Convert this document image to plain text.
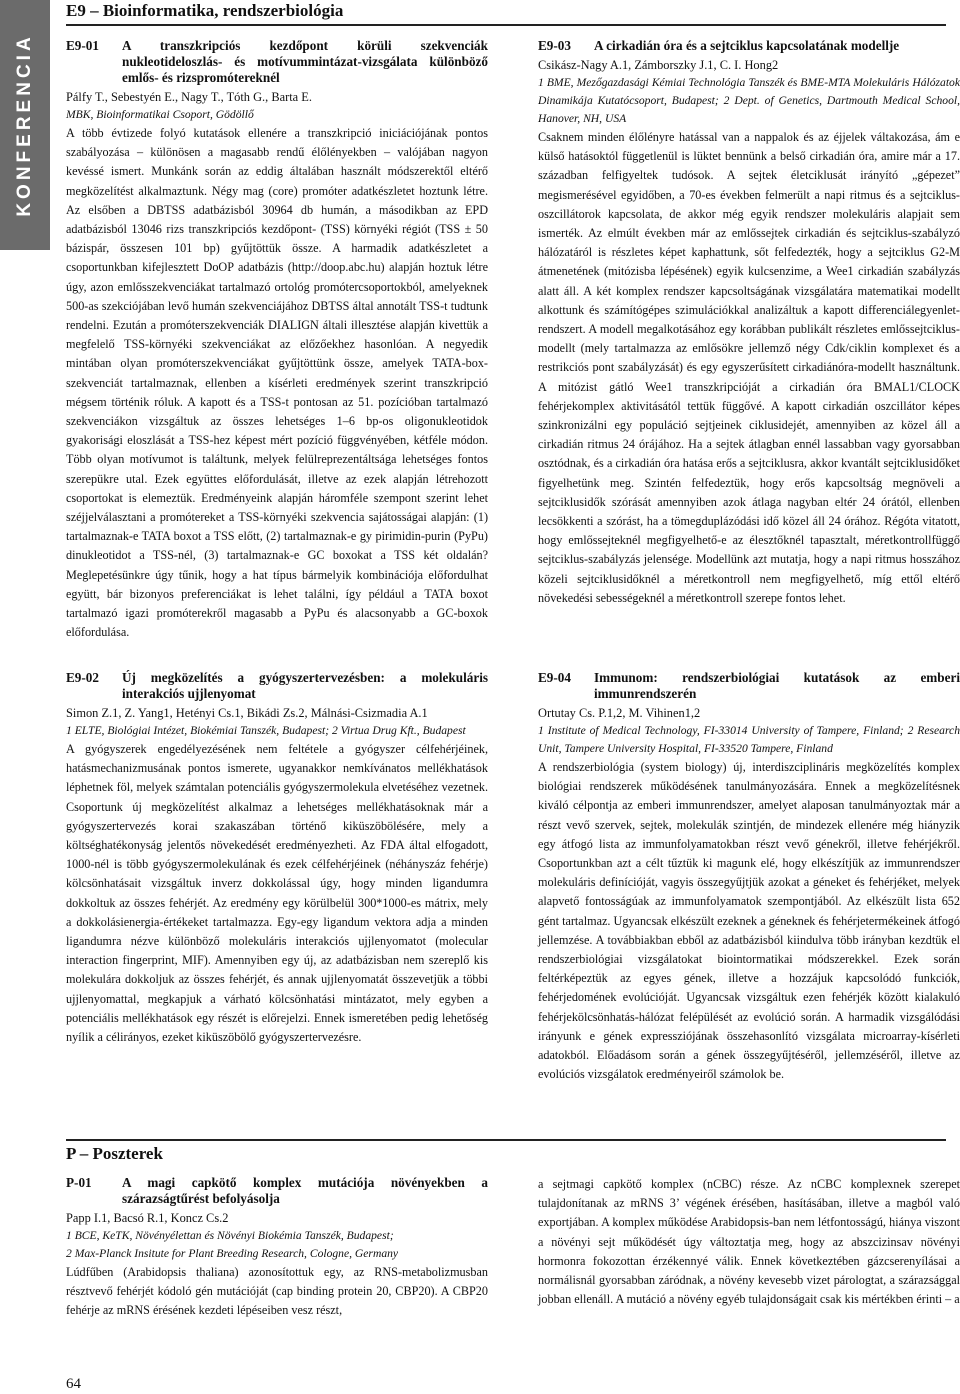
KONFERENCIA
E9 – Bioinformatika, rendszerbiológia
E9-01	A transzkripciós kezdőpont körüli szekvenciák nukleotideloszlás- és motívummintázat-vizsgálata különböző emlős- és rizspromótereknél
Pálfy T., Sebestyén E., Nagy T., Tóth G., Barta E.
MBK, Bioinformatikai Csoport, Gödöllő

A több évtizede folyó kutatások ellenére a transzkripció iniciációjának pontos szabályozása – különösen a magasabb rendű élőlényekben – valójában nagyon kevéssé ismert. Munkánk során az eddig általában használt módszerektől eltérő megközelítést alkalmaztunk. Négy mag (core) promóter adatkészletet hoztunk létre. Az elsőben a DBTSS adatbázisból 30964 db humán, a másodikban az EPD adatbázisból 13046 rizs transzkripciós kezdőpont- (TSS) környéki régiót (TSS ± 50 bázispár, összesen 101 bp) gyűjtöttük össze. A harmadik adatkészletet a csoportunkban kifejlesztett DoOP adatbázis (http://doop.abc.hu) alapján hoztuk létre úgy, azon emlősszekvenciákat tartalmazó ortológ promótercsoportokból, amelyeknek 500-as szekciójában levő humán szekvenciájához DBTSS által annotált TSS-t tudtunk rendelni. Ezután a promóterszekvenciák DIALIGN általi illesztése alapján kivettük a megfelelő TSS-környéki szekvenciákat az előzőekhez hasonlóan. A negyedik mintában olyan promóterszekvenciákat gyűjtöttünk össze, amelyek TATA-box-szekvenciát tartalmaznak, ellenben a kísérleti eredmények szerint transzkripció mégsem történik róluk. A kapott és a TSS-t pontosan az 51. pozícióban tartalmazó szekvenciákon vizsgáltuk az összes lehetséges 1–6 bp-os oligonukleotidok gyakorisági eloszlását a TSS-hez képest mért pozíció függvényében, kétféle módon. Több olyan motívumot is találtunk, melyek felülreprezentáltsága lehetséges fontos szerepükre utal. Ezek együttes előfordulását, illetve az ezek alapján létrehozott csoportokat is elemeztük. Eredményeink alapján háromféle szempont szerint lehet széjjelválasztani a promótereket a TSS-környéki szekvencia sajátosságai alapján: (1) tartalmaznak-e TATA boxot a TSS előtt, (2) tartalmaznak-e gy pirimidin-purin (PyPu) dinukleotidot a TSS-nél, (3) tartalmaznak-e GC boxokat a TSS két oldalán? Meglepetésünkre úgy tűnik, hogy a hat típus bármelyik kombinációja előfordulhat együtt, bár bizonyos preferenciákat is lehet találni, így például a TATA boxot tartalmazó igazi promóterekről magasabb a PyPu és alacsonyabb a GC-boxok előfordulása.

E9-02	Új megközelítés a gyógyszertervezésben: a molekuláris interakciós ujjlenyomat
Simon Z.1, Z. Yang1, Hetényi Cs.1, Bikádi Zs.2, Málnási-Csizmadia A.1
1 ELTE, Biológiai Intézet, Biokémiai Tanszék, Budapest; 2 Virtua Drug Kft., Budapest

A gyógyszerek engedélyezésének nem feltétele a gyógyszer célfehérjéinek, hatásmechanizmusának pontos ismerete, ugyanakkor nemkívánatos mellékhatások léphetnek föl, melyek számtalan potenciális gyógyszermolekula elvetéséhez vezetnek. Csoportunk új megközelítést alkalmaz a lehetséges mellékhatásoknak már a gyógyszertervezés korai szakaszában történő kiküszöbölésére, mely a költséghatékonyság jelentős növekedését eredményezheti. Az FDA által elfogadott, 1000-nél is több gyógyszermolekulának és ezek célfehérjéinek (néhányszáz fehérje) kölcsönhatásait vizsgáltuk inverz dokkolással úgy, hogy minden ligandumra dokkoltuk az összes fehérjét. Az eredmény egy körülbelül 300*1000-es mátrix, mely a dokkolásienergia-értékeket tartalmazza. Egy-egy ligandum vektora adja a minden ligandumra nézve különböző molekuláris interakciós ujjlenyomatot (molecular interaction fingerprint, MIF). Amennyiben egy új, az adatbázisban nem szereplő kis molekulára dokkoljuk az összes fehérjét, és annak ujjlenyomatát összevetjük a többi ujjlenyomattal, megkapjuk a várható kölcsönhatási mintázatot, mely egyben a potenciális mellékhatások egy részét is előrejelzi. Ennek ismeretében pedig lehetőség nyílik a célirányos, ezeket kiküszöbölő gyógyszertervezésre.

E9-03	A cirkadián óra és a sejtciklus kapcsolatának modellje
Csikász-Nagy A.1, Zámborszky J.1, C. I. Hong2
1 BME, Mezőgazdasági Kémiai Technológia Tanszék és BME-MTA Molekuláris Hálózatok Dinamikája Kutatócsoport, Budapest; 2 Dept. of Genetics, Dartmouth Medical School, Hanover, NH, USA

Csaknem minden élőlényre hatással van a nappalok és az éjjelek váltakozása, ám e külső hatásoktól függetlenül is lüktet bennünk a belső cirkadián óra, amire már a 17. században felfigyeltek tudósok. A sejtek életciklusát irányító „gépezet” megismerésével egyidőben, a 70-es években felmerült a napi ritmus és a sejtciklus-oszcillátorok kapcsolata, de akkor még egyik rendszer molekuláris alapjait sem ismerték. Az elmúlt években már az emlőssejtek cirkadián és sejtciklus-szabályzó hálózatáról is részletes képet kaphattunk, sőt felfedezték, hogy a sejtciklus G2-M átmenetének (mitózisba lépésének) egyik kulcsenzime, a Wee1 cirkadián szabályzás alatt áll. A két komplex rendszer kapcsoltságának vizsgálatára matematikai modellt alkottunk és számítógépes szimulációkkal analizáltuk a kapott differenciálegyenlet-rendszert. A modell megalkotásához egy korábban publikált részletes emlőssejtciklus-modellt (mely tartalmazza az emlősökre jellemző négy Cdk/ciklin komplexet és a restrikciós pont szabályzását) és egy egyszerűsített cirkadiánóra-modellt használtunk. A mitózist gátló Wee1 transzkripcióját a cirkadián óra BMAL1/CLOCK fehérjekomplex aktivitásától tettük függővé. A kapott cirkadián oszcillátor képes szinkronizálni egy populáció sejtjeinek ciklusidejét, amennyiben az közel áll a cirkadián ritmus 24 órájához. Ha a sejtek átlagban ennél lassabban vagy gyorsabban osztódnak, és a cirkadián óra hatása erős a sejtciklusra, akkor kvantált sejtciklusidőket figyelhetünk meg. Szintén felfedeztük, hogy erős kapcsoltság megnöveli a sejtciklusidők szórását amennyiben azok átlaga nagyban eltér 24 órától, ellenben lecsökkenti a szórást, ha a tömegduplázódási idő közel áll 24 órához. Régóta vitatott, hogy emlőssejteknél megfigyelhető-e az élesztőknél tapasztalt, méretkontrollfüggő sejtciklus-szabályzás jelensége. Modellünk azt mutatja, hogy a napi ritmus hosszához közeli sejtciklusidőknél a méretkontroll nem megfigyelhető, míg ettől eltérő növekedési sebességeknél a méretkontroll szerepe fontos lehet.

E9-04	Immunom: rendszerbiológiai kutatások az emberi immunrendszerén
Ortutay Cs. P.1,2, M. Vihinen1,2
1 Institute of Medical Technology, FI-33014 University of Tampere, Finland; 2 Research Unit, Tampere University Hospital, FI-33520 Tampere, Finland

A rendszerbiológia (system biology) új, interdiszciplináris megközelítés komplex biológiai rendszerek működésének tanulmányozására. Ennek a megközelítésnek kiváló célpontja az emberi immunrendszer, amelyet alaposan tanulmányoztak már a részt vevő szervek, sejtek, molekulák szintjén, de mindezek ellenére még hiányzik egy átfogó lista az immunfolyamatokban részt vevő génekről, illetve fehérjékről. Csoportunkban azt a célt tűztük ki magunk elé, hogy elkészítjük az immunrendszer molekuláris definícióját, vagyis összegyűjtjük azokat a géneket és fehérjéket, melyek alapvető fontosságúak az immunfolyamatok szempontjából. Az elkészült lista 652 gént tartalmaz. Ugyancsak elkészült ezeknek a géneknek és fehérjetermékeinek átfogó jellemzése. A továbbiakban ebből az adatbázisból kiindulva több irányban kezdtük el rendszerbiológiai vizsgálatokat biointormatikai módszerekkel. Ezek során feltérképeztük az egyes gének, illetve a hozzájuk kapcsolódó funkciók, fehérjedomének evolúcióját. Ugyancsak vizsgáltuk ezen fehérjék között kialakuló fehérjekölcsönhatás-hálózat felépülését az evolúció során. A harmadik vizsgálódási irányunk e gének expressziójának összehasonlító vizsgálata microarray-kísérleti adatokból. Előadásom során a gének összegyűjtéséről, jellemzéséről, illetve az evolúciós vizsgálatok eredményeiről számolok be.

P – Poszterek
P-01	A magi capkötő komplex mutációja növényekben a szárazságtűrést befolyásolja
Papp I.1, Bacsó R.1, Koncz Cs.2
1 BCE, KeTK, Növényélettan és Növényi Biokémia Tanszék, Budapest;
2 Max-Planck Insitute for Plant Breeding Research, Cologne, Germany

Lúdfűben (Arabidopsis thaliana) azonosítottuk egy, az RNS-metabolizmusban résztvevő fehérjét kódoló gén mutációját (cap binding protein 20, CBP20). A CBP20 fehérje az mRNS érésének kezdeti lépéseiben vesz részt,

a sejtmagi capkötő komplex (nCBC) része. Az nCBC komplexnek szerepet tulajdonítanak az mRNS 3’ végének érésében, hasításában, illetve a magból való exportjában. A komplex működése Arabidopsis-ban nem létfontosságú, hiánya viszont a növényi sejt működését úgy változtatja meg, hogy az abszcizinsav növényi hormonra fokozottan érzékennyé válik. Ennek következtében gázcserenyílásai a normálisnál gyorsabban záródnak, a növény kevesebb vizet párologtat, a szárazsággal jobban ellenáll. A mutáció a növény egyéb tulajdonságait csak kis mértékben érinti – a

64
